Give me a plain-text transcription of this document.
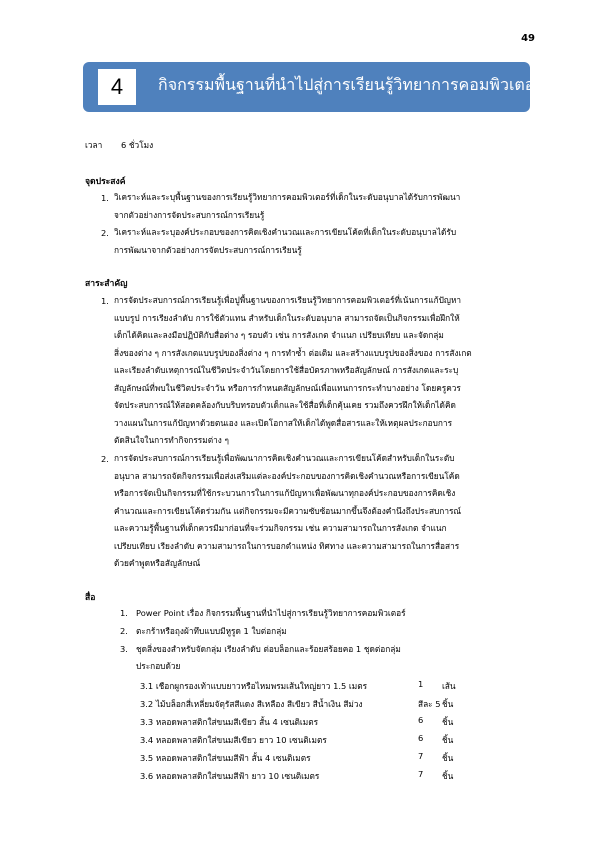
49
4	กิจกรรมพื้นฐานที่นำไปสู่การเรียนรู้วิทยาการคอมพิวเตอร์
เวลา 6 ชั่วโมง
จุดประสงค์
1. วิเคราะห์และระบุพื้นฐานของการเรียนรู้วิทยาการคอมพิวเตอร์ที่เด็กในระดับอนุบาลได้รับการพัฒนา
จากตัวอย่างการจัดประสบการณ์การเรียนรู้
2. วิเคราะห์และระบุองค์ประกอบของการคิดเชิงคำนวณและการเขียนโค้ดที่เด็กในระดับอนุบาลได้รับ
การพัฒนาจากตัวอย่างการจัดประสบการณ์การเรียนรู้
สาระสำคัญ
1. การจัดประสบการณ์การเรียนรู้เพื่อปูพื้นฐานของการเรียนรู้วิทยาการคอมพิวเตอร์ที่เน้นการแก้ปัญหา
แบบรูป การเรียงลำดับ การใช้ตัวแทน สำหรับเด็กในระดับอนุบาล สามารถจัดเป็นกิจกรรมเพื่อฝึกให้
เด็กได้คิดและลงมือปฏิบัติกับสื่อต่าง ๆ รอบตัว เช่น การสังเกต จำแนก เปรียบเทียบ และจัดกลุ่ม
สิ่งของต่าง ๆ การสังเกตแบบรูปของสิ่งต่าง ๆ การทำซ้ำ ต่อเติม และสร้างแบบรูปของสิ่งของ การสังเกต
และเรียงลำดับเหตุการณ์ในชีวิตประจำวันโดยการใช้สื่อบัตรภาพหรือสัญลักษณ์ การสังเกตและระบุ
สัญลักษณ์ที่พบในชีวิตประจำวัน หรือการกำหนดสัญลักษณ์เพื่อแทนการกระทำบางอย่าง โดยครูควร
จัดประสบการณ์ให้สอดคล้องกับบริบทรอบตัวเด็กและใช้สื่อที่เด็กคุ้นเคย รวมถึงควรฝึกให้เด็กได้คิด
วางแผนในการแก้ปัญหาด้วยตนเอง และเปิดโอกาสให้เด็กได้พูดสื่อสารและให้เหตุผลประกอบการ
ตัดสินใจในการทำกิจกรรมต่าง ๆ
2. การจัดประสบการณ์การเรียนรู้เพื่อพัฒนาการคิดเชิงคำนวณและการเขียนโค้ดสำหรับเด็กในระดับ
อนุบาล สามารถจัดกิจกรรมเพื่อส่งเสริมแต่ละองค์ประกอบของการคิดเชิงคำนวณหรือการเขียนโค้ด
หรือการจัดเป็นกิจกรรมที่ใช้กระบวนการในการแก้ปัญหาเพื่อพัฒนาทุกองค์ประกอบของการคิดเชิง
คำนวณและการเขียนโค้ดร่วมกัน แต่กิจกรรมจะมีความซับซ้อนมากขึ้นจึงต้องคำนึงถึงประสบการณ์
และความรู้พื้นฐานที่เด็กควรมีมาก่อนที่จะร่วมกิจกรรม เช่น ความสามารถในการสังเกต จำแนก
เปรียบเทียบ เรียงลำดับ ความสามารถในการบอกตำแหน่ง ทิศทาง และความสามารถในการสื่อสาร
ด้วยคำพูดหรือสัญลักษณ์
สื่อ
1. Power Point เรื่อง กิจกรรมพื้นฐานที่นำไปสู่การเรียนรู้วิทยาการคอมพิวเตอร์
2. ตะกร้าหรือถุงผ้าทึบแบบมีหูรูด 1 ใบต่อกลุ่ม
3. ชุดสิ่งของสำหรับจัดกลุ่ม เรียงลำดับ ต่อบล็อกและร้อยสร้อยคอ 1 ชุดต่อกลุ่ม
ประกอบด้วย
3.1 เชือกผูกรองเท้าแบบยาวหรือไหมพรมเส้นใหญ่ยาว 1.5 เมตร	1 เส้น
3.2 ไม้บล็อกสี่เหลี่ยมจัตุรัสสีแดง สีเหลือง สีเขียว สีน้ำเงิน สีม่วง	สีละ 5 ชิ้น
3.3 หลอดพลาสติกใส่ขนมสีเขียว สั้น 4 เซนติเมตร	6 ชิ้น
3.4 หลอดพลาสติกใส่ขนมสีเขียว ยาว 10 เซนติเมตร	6 ชิ้น
3.5 หลอดพลาสติกใส่ขนมสีฟ้า สั้น 4 เซนติเมตร	7 ชิ้น
3.6 หลอดพลาสติกใส่ขนมสีฟ้า ยาว 10 เซนติเมตร	7 ชิ้น
